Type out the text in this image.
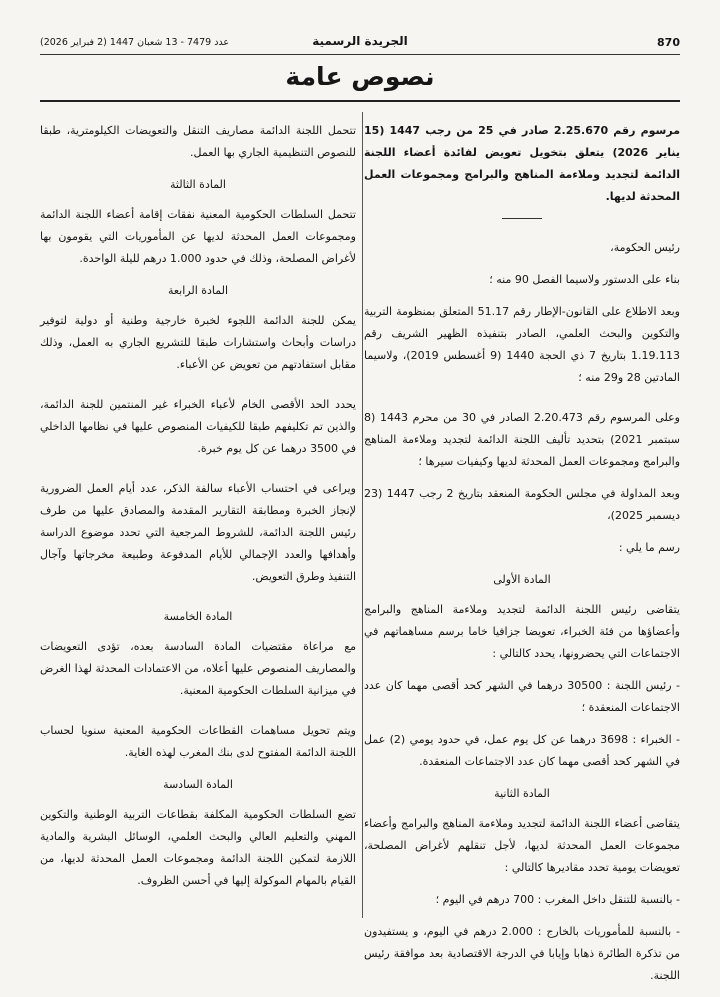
870
الجريدة الرسمية
عدد 7479 - 13 شعبان 1447 (2 فبراير 2026)
نصوص عامة

مرسوم رقم 2.25.670 صادر في 25 من رجب 1447 (15 يناير 2026) يتعلق بتخويل تعويض لفائدة أعضاء اللجنة الدائمة لتجديد وملاءمة المناهج والبرامج ومجموعات العمل المحدثة لديها.

رئيس الحكومة،

بناء على الدستور ولاسيما الفصل 90 منه ؛

وبعد الاطلاع على القانون-الإطار رقم 51.17 المتعلق بمنظومة التربية والتكوين والبحث العلمي، الصادر بتنفيذه الظهير الشريف رقم 1.19.113 بتاريخ 7 ذي الحجة 1440 (9 أغسطس 2019)، ولاسيما المادتين 28 و29 منه ؛

وعلى المرسوم رقم 2.20.473 الصادر في 30 من محرم 1443 (8 سبتمبر 2021) بتحديد تأليف اللجنة الدائمة لتجديد وملاءمة المناهج والبرامج ومجموعات العمل المحدثة لديها وكيفيات سيرها ؛

وبعد المداولة في مجلس الحكومة المنعقد بتاريخ 2 رجب 1447 (23 ديسمبر 2025)،

رسم ما يلي :

المادة الأولى

يتقاضى رئيس اللجنة الدائمة لتجديد وملاءمة المناهج والبرامج وأعضاؤها من فئة الخبراء، تعويضا جزافيا خاما برسم مساهماتهم في الاجتماعات التي يحضرونها، يحدد كالتالي :

- رئيس اللجنة : 30500 درهما في الشهر كحد أقصى مهما كان عدد الاجتماعات المنعقدة ؛

- الخبراء : 3698 درهما عن كل يوم عمل، في حدود يومي (2) عمل في الشهر كحد أقصى مهما كان عدد الاجتماعات المنعقدة.

المادة الثانية

يتقاضى أعضاء اللجنة الدائمة لتجديد وملاءمة المناهج والبرامج وأعضاء مجموعات العمل المحدثة لديها، لأجل تنقلهم لأغراض المصلحة، تعويضات يومية تحدد مقاديرها كالتالي :

- بالنسبة للتنقل داخل المغرب : 700 درهم في اليوم ؛

- بالنسبة للمأموريات بالخارج : 2.000 درهم في اليوم، و يستفيدون من تذكرة الطائرة ذهابا وإيابا في الدرجة الاقتصادية بعد موافقة رئيس اللجنة.

تتحمل اللجنة الدائمة مصاريف التنقل والتعويضات الكيلومترية، طبقا للنصوص التنظيمية الجاري بها العمل.

المادة الثالثة

تتحمل السلطات الحكومية المعنية نفقات إقامة أعضاء اللجنة الدائمة ومجموعات العمل المحدثة لديها عن المأموريات التي يقومون بها لأغراض المصلحة، وذلك في حدود 1.000 درهم لليلة الواحدة.

المادة الرابعة

يمكن للجنة الدائمة اللجوء لخبرة خارجية وطنية أو دولية لتوفير دراسات وأبحاث واستشارات طبقا للتشريع الجاري به العمل، وذلك مقابل استفادتهم من تعويض عن الأعباء.

يحدد الحد الأقصى الخام لأعباء الخبراء غير المنتمين للجنة الدائمة، والذين تم تكليفهم طبقا للكيفيات المنصوص عليها في نظامها الداخلي في 3500 درهما عن كل يوم خبرة.

ويراعى في احتساب الأعباء سالفة الذكر، عدد أيام العمل الضرورية لإنجاز الخبرة ومطابقة التقارير المقدمة والمصادق عليها من طرف رئيس اللجنة الدائمة، للشروط المرجعية التي تحدد موضوع الدراسة وأهدافها والعدد الإجمالي للأيام المدفوعة وطبيعة مخرجاتها وآجال التنفيذ وطرق التعويض.

المادة الخامسة

مع مراعاة مقتضيات المادة السادسة بعده، تؤدى التعويضات والمصاريف المنصوص عليها أعلاه، من الاعتمادات المحدثة لهذا الغرض في ميزانية السلطات الحكومية المعنية.

ويتم تحويل مساهمات القطاعات الحكومية المعنية سنويا لحساب اللجنة الدائمة المفتوح لدى بنك المغرب لهذه الغاية.

المادة السادسة

تضع السلطات الحكومية المكلفة بقطاعات التربية الوطنية والتكوين المهني والتعليم العالي والبحث العلمي، الوسائل البشرية والمادية اللازمة لتمكين اللجنة الدائمة ومجموعات العمل المحدثة لديها، من القيام بالمهام الموكولة إليها في أحسن الظروف.
